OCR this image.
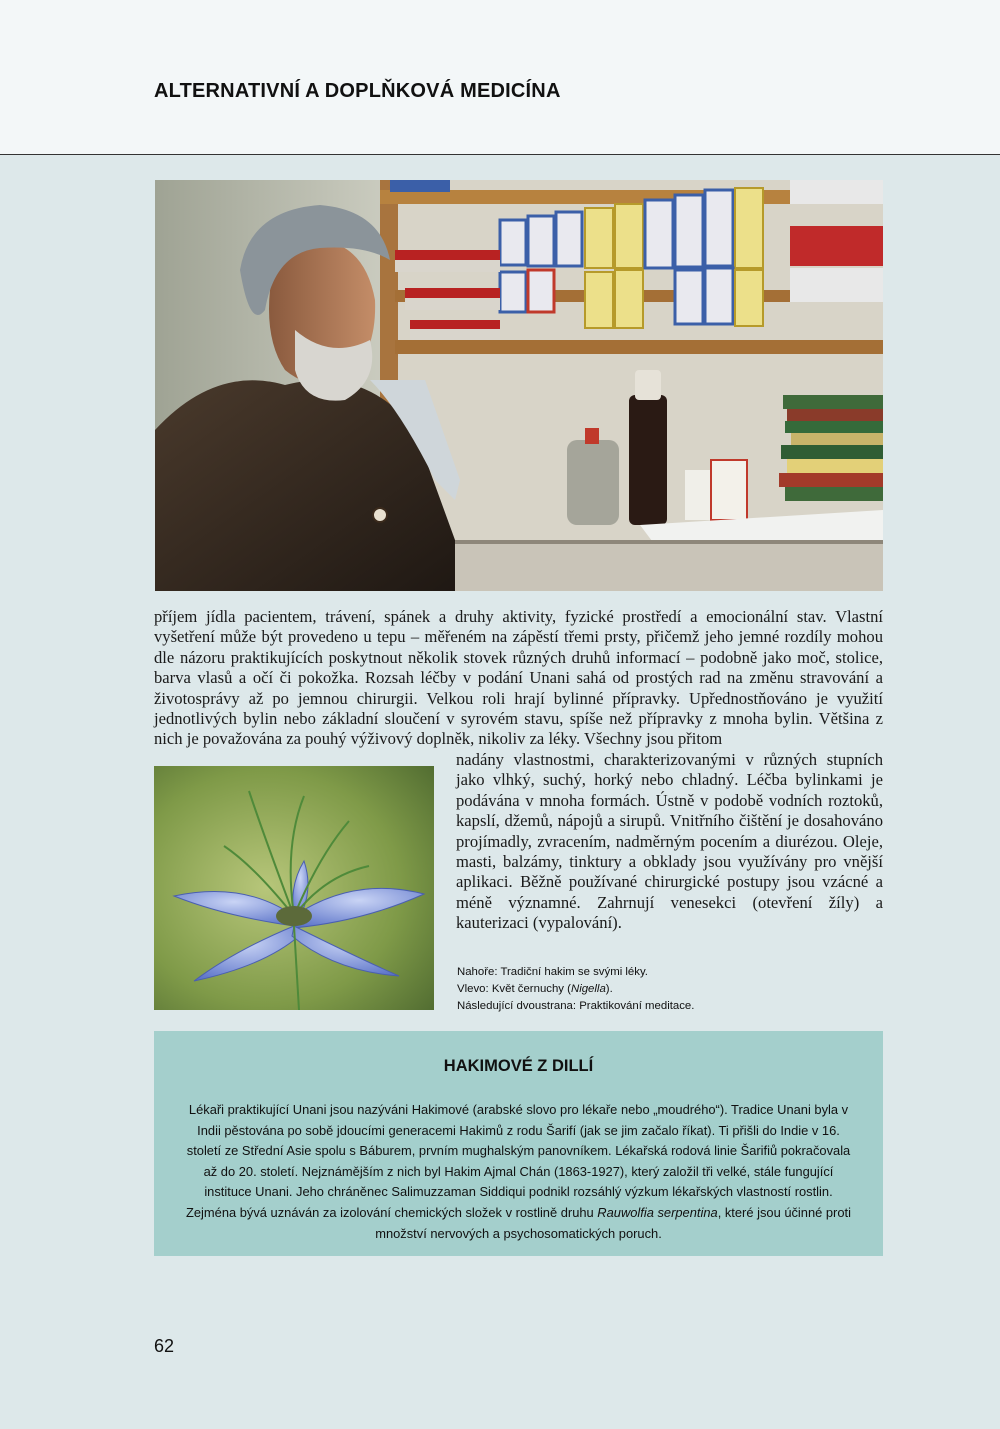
ALTERNATIVNÍ A DOPLŇKOVÁ MEDICÍNA

příjem jídla pacientem, trávení, spánek a druhy aktivity, fyzické prostředí a emocionální stav. Vlastní vyšetření může být provedeno u tepu – měřeném na zápěstí třemi prsty, přičemž jeho jemné rozdíly mohou dle názoru praktikujících poskytnout několik stovek různých druhů informací – podobně jako moč, stolice, barva vlasů a očí či pokožka. Rozsah léčby v podání Unani sahá od prostých rad na změnu stravování a životosprávy až po jemnou chirurgii. Velkou roli hrají bylinné přípravky. Upřednostňováno je využití jednotlivých bylin nebo základní sloučení v syrovém stavu, spíše než přípravky z mnoha bylin. Většina z nich je považována za pouhý výživový doplněk, nikoliv za léky. Všechny jsou přitom

nadány vlastnostmi, charakterizovanými v různých stupních jako vlhký, suchý, horký nebo chladný. Léčba bylinkami je podávána v mnoha formách. Ústně v podobě vodních roztoků, kapslí, džemů, nápojů a sirupů. Vnitřního čištění je dosahováno projímadly, zvracením, nadměrným pocením a diurézou. Oleje, masti, balzámy, tinktury a obklady jsou využívány pro vnější aplikaci. Běžně používané chirurgické postupy jsou vzácné a méně významné. Zahrnují venesekci (otevření žíly) a kauterizaci (vypalování).

Nahoře: Tradiční hakim se svými léky.
Vlevo: Květ černuchy (Nigella).
Následující dvoustrana: Praktikování meditace.
HAKIMOVÉ Z DILLÍ

Lékaři praktikující Unani jsou nazýváni Hakimové (arabské slovo pro lékaře nebo „moudrého“). Tradice Unani byla v Indii pěstována po sobě jdoucími generacemi Hakimů z rodu Šarifí (jak se jim začalo říkat). Ti přišli do Indie v 16. století ze Střední Asie spolu s Báburem, prvním mughalským panovníkem. Lékařská rodová linie Šarifiů pokračovala až do 20. století. Nejznámějším z nich byl Hakim Ajmal Chán (1863-1927), který založil tři velké, stále fungující instituce Unani. Jeho chráněnec Salimuzzaman Siddiqui podnikl rozsáhlý výzkum lékařských vlastností rostlin. Zejména bývá uznáván za izolování chemických složek v rostlině druhu Rauwolfia serpentina, které jsou účinné proti množství nervových a psychosomatických poruch.

62
